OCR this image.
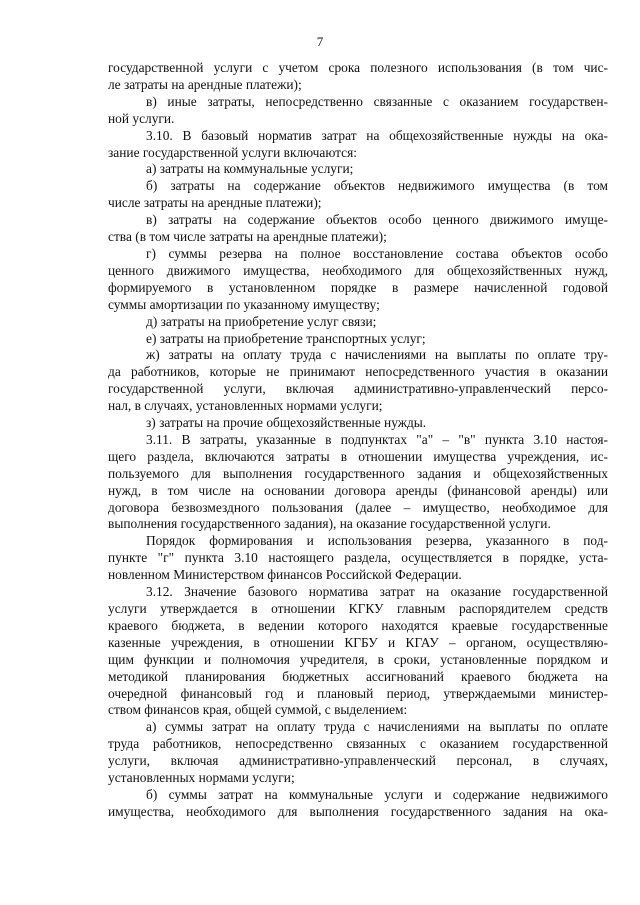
7
государственной услуги с учетом срока полезного использования (в том чис-
ле затраты на арендные платежи);
в) иные затраты, непосредственно связанные с оказанием государствен-
ной услуги.
3.10. В базовый норматив затрат на общехозяйственные нужды на ока-
зание государственной услуги включаются:
а) затраты на коммунальные услуги;
б) затраты на содержание объектов недвижимого имущества (в том
числе затраты на арендные платежи);
в) затраты на содержание объектов особо ценного движимого имуще-
ства (в том числе затраты на арендные платежи);
г) суммы резерва на полное восстановление состава объектов особо
ценного движимого имущества, необходимого для общехозяйственных нужд,
формируемого в установленном порядке в размере начисленной годовой
суммы амортизации по указанному имуществу;
д) затраты на приобретение услуг связи;
е) затраты на приобретение транспортных услуг;
ж) затраты на оплату труда с начислениями на выплаты по оплате тру-
да работников, которые не принимают непосредственного участия в оказании
государственной услуги, включая административно-управленческий персо-
нал, в случаях, установленных нормами услуги;
з) затраты на прочие общехозяйственные нужды.
3.11. В затраты, указанные в подпунктах "а" – "в" пункта 3.10 настоя-
щего раздела, включаются затраты в отношении имущества учреждения, ис-
пользуемого для выполнения государственного задания и общехозяйственных
нужд, в том числе на основании договора аренды (финансовой аренды) или
договора безвозмездного пользования (далее – имущество, необходимое для
выполнения государственного задания), на оказание государственной услуги.
Порядок формирования и использования резерва, указанного в под-
пункте "г" пункта 3.10 настоящего раздела, осуществляется в порядке, уста-
новленном Министерством финансов Российской Федерации.
3.12. Значение базового норматива затрат на оказание государственной
услуги утверждается в отношении КГКУ главным распорядителем средств
краевого бюджета, в ведении которого находятся краевые государственные
казенные учреждения, в отношении КГБУ и КГАУ – органом, осуществляю-
щим функции и полномочия учредителя, в сроки, установленные порядком и
методикой планирования бюджетных ассигнований краевого бюджета на
очередной финансовый год и плановый период, утверждаемыми министер-
ством финансов края, общей суммой, с выделением:
а) суммы затрат на оплату труда с начислениями на выплаты по оплате
труда работников, непосредственно связанных с оказанием государственной
услуги, включая административно-управленческий персонал, в случаях,
установленных нормами услуги;
б) суммы затрат на коммунальные услуги и содержание недвижимого
имущества, необходимого для выполнения государственного задания на ока-
